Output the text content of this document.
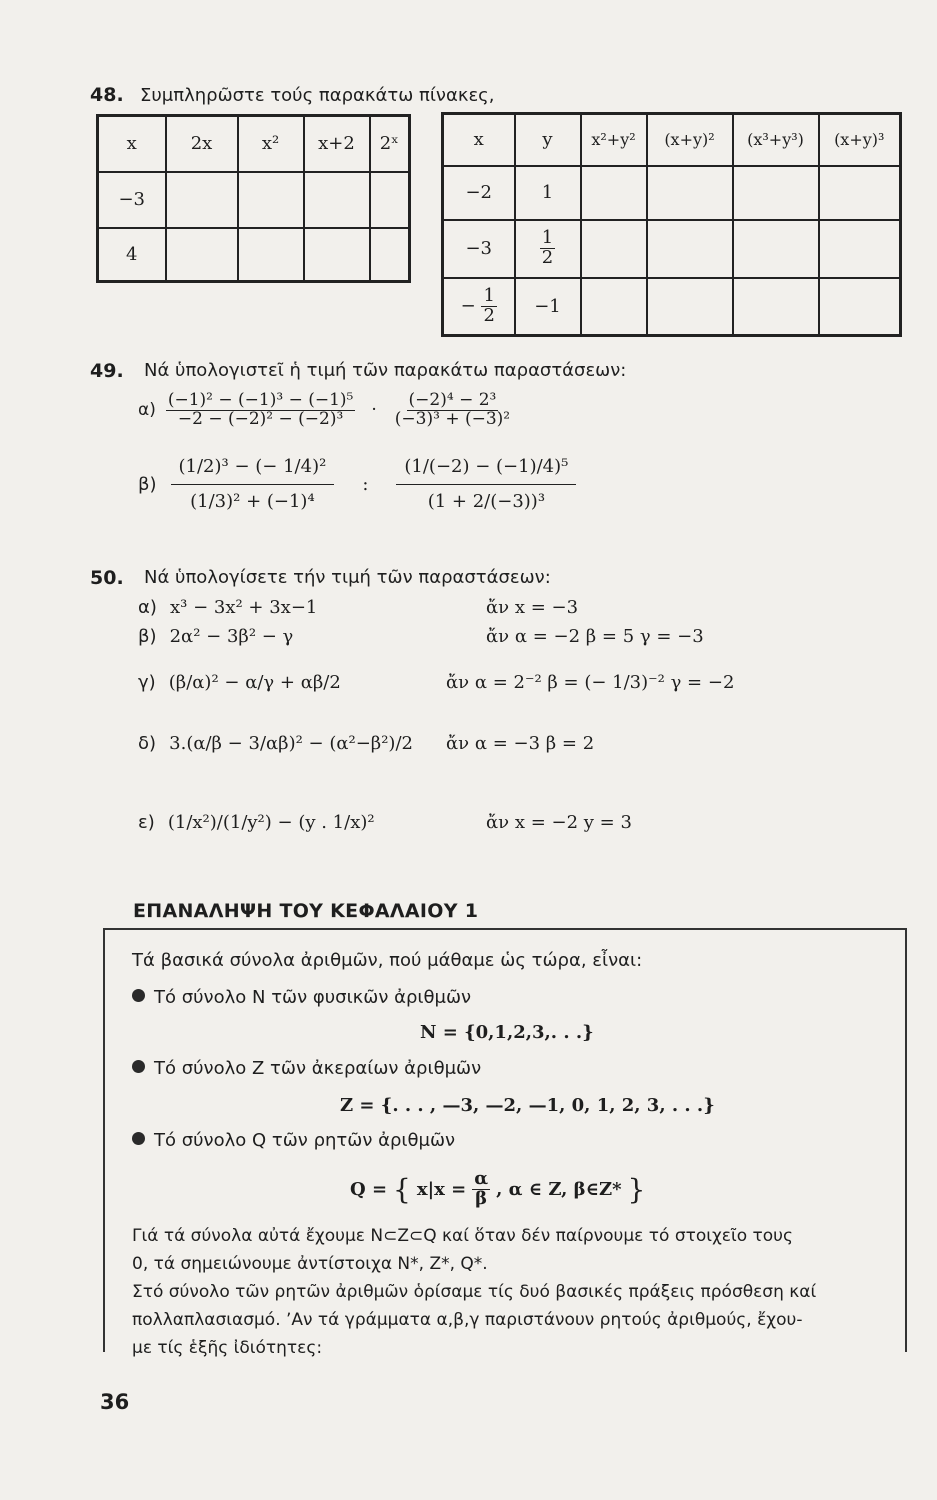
48. Συμπληρῶστε τούς παρακάτω πίνακες,
x	2x	x²	x+2	2ˣ
−3				
4				
x	y	x²+y²	(x+y)²	(x³+y³)	(x+y)³
−2	1				
−3	$\frac{1}{2}$

− $\frac{1}{2}$	−1				
49. Νά ὑπολογιστεῖ ἡ τιμή τῶν παρακάτω παραστάσεων:
$\alpha) \frac{\text{(−1)² − (−1)³ − (−1)⁵}}{\text{−2 − (−2)² − (−2)³}} \cdot \frac{\text{(−2)⁴ − 2³}}{\text{(−3)³ + (−3)²}}$
$\beta) \frac{\text{(1/2)³ − (− 1/4)²}}{\text{(1/3)² + (−1)⁴}}$ : $\frac{\text{(1/(−2) − (−1)/4)⁵}}{\text{(1 + 2/(−3))³}}$
50. Νά ὑπολογίσετε τήν τιμή τῶν παραστάσεων:
α) x³ − 3x² + 3x−1	ἄν x = −3
β) 2α² − 3β² − γ	ἄν α = −2 β = 5 γ = −3
γ) (β/α)² − α/γ + αβ/2	ἄν α = 2⁻² β = (− 1/3)⁻² γ = −2
δ) 3.(α/β − 3/αβ)² − (α²−β²)/2 ἄν α = −3 β = 2
ε) (1/x²)/(1/y²) − (y . 1/x)²	ἄν x = −2 y = 3
ΕΠΑΝΑΛΗΨΗ ΤΟΥ ΚΕΦΑΛΑΙΟΥ 1
Τά βασικά σύνολα ἀριθμῶν, πού μάθαμε ὡς τώρα, εἶναι:
Τό σύνολο N τῶν φυσικῶν ἀριθμῶν
N = {0,1,2,3,. . .}
Τό σύνολο Z τῶν ἀκεραίων ἀριθμῶν
Z = {. . . , —3, —2, —1, 0, 1, 2, 3, . . .}
Τό σύνολο Q τῶν ρητῶν ἀριθμῶν
Q = { $x|x = \frac{\alpha}{\beta}$ , α ∈ Z, β∈Z* }
Γιά τά σύνολα αὐτά ἔχουμε N⊂Z⊂Q καί ὅταν δέν παίρνουμε τό στοιχεῖο τους
0, τά σημειώνουμε ἀντίστοιχα N*, Z*, Q*.
Στό σύνολο τῶν ρητῶν ἀριθμῶν ὁρίσαμε τίς δυό βασικές πράξεις πρόσθεση καί
πολλαπλασιασμό. ʼΑν τά γράμματα α,β,γ παριστάνουν ρητούς ἀριθμούς, ἔχου-
με τίς ἑξῆς ἰδιότητες:
36
